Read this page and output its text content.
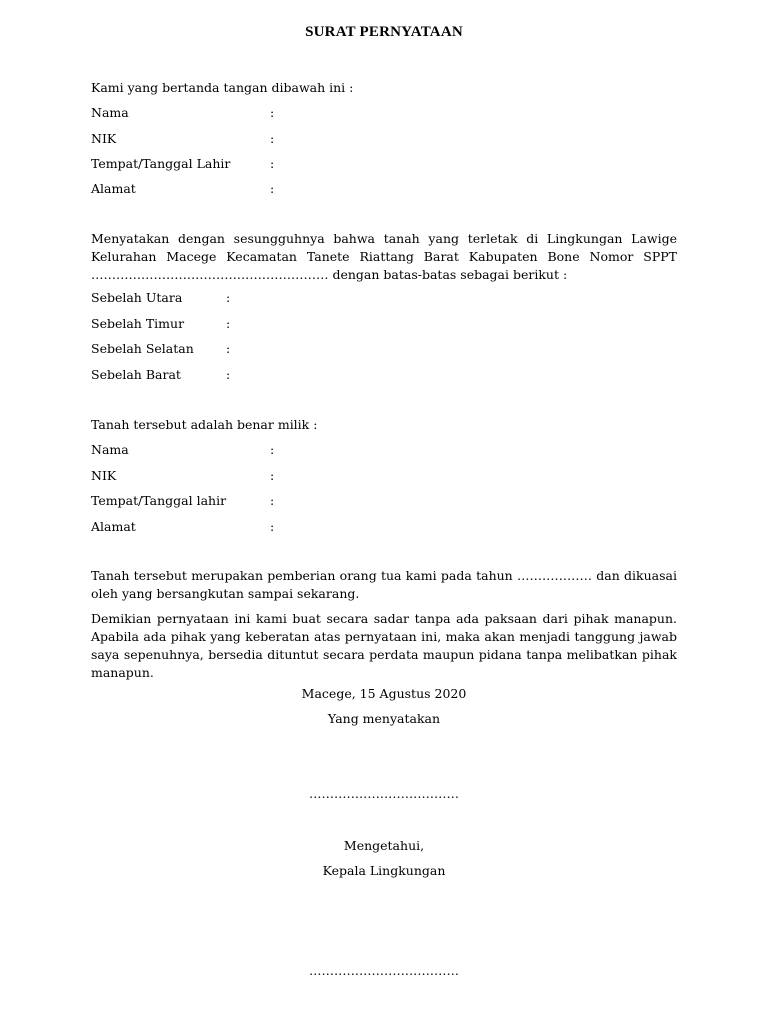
SURAT PERNYATAAN
Kami yang bertanda tangan dibawah ini :
Nama	:
NIK	:
Tempat/Tanggal Lahir	:
Alamat	:
Menyatakan dengan sesungguhnya bahwa tanah yang terletak di Lingkungan Lawige Kelurahan Macege Kecamatan Tanete Riattang Barat Kabupaten Bone Nomor SPPT ………………………………………………… dengan batas-batas sebagai berikut :
Sebelah Utara	:
Sebelah Timur	:
Sebelah Selatan	:
Sebelah Barat	:
Tanah tersebut adalah benar milik :
Nama	:
NIK	:
Tempat/Tanggal lahir	:
Alamat	:
Tanah tersebut merupakan pemberian orang tua kami pada tahun ……………… dan dikuasai oleh yang bersangkutan sampai sekarang.
Demikian pernyataan ini kami buat secara sadar tanpa ada paksaan dari pihak manapun. Apabila ada pihak yang keberatan atas pernyataan ini, maka akan menjadi tanggung jawab saya sepenuhnya, bersedia dituntut secara perdata maupun pidana tanpa melibatkan pihak manapun.
Macege, 15 Agustus 2020
Yang menyatakan
………………………………
Mengetahui,
Kepala Lingkungan
………………………………
